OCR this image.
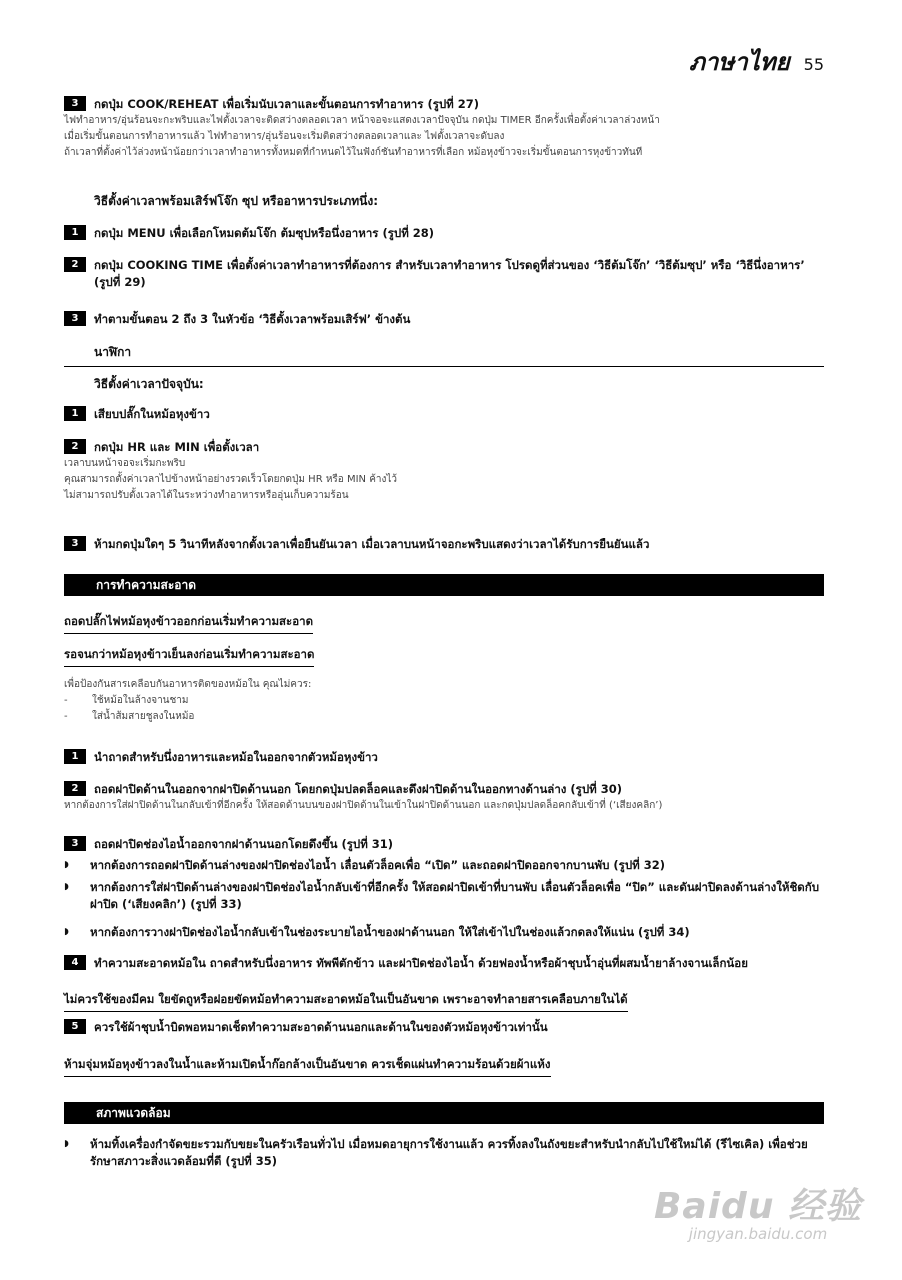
ภาษาไทย 55
3	กดปุ่ม COOK/REHEAT เพื่อเริ่มนับเวลาและขั้นตอนการทำอาหาร (รูปที่ 27)
ไฟทำอาหาร/อุ่นร้อนจะกะพริบและไฟตั้งเวลาจะติดสว่างตลอดเวลา หน้าจอจะแสดงเวลาปัจจุบัน กดปุ่ม TIMER อีกครั้งเพื่อตั้งค่าเวลาล่วงหน้า
เมื่อเริ่มขั้นตอนการทำอาหารแล้ว ไฟทำอาหาร/อุ่นร้อนจะเริ่มติดสว่างตลอดเวลาและ ไฟตั้งเวลาจะดับลง
ถ้าเวลาที่ตั้งค่าไว้ล่วงหน้าน้อยกว่าเวลาทำอาหารทั้งหมดที่กำหนดไว้ในฟังก์ชันทำอาหารที่เลือก หม้อหุงข้าวจะเริ่มขั้นตอนการหุงข้าวทันที
วิธีตั้งค่าเวลาพร้อมเสิร์ฟโจ๊ก ซุป หรืออาหารประเภทนึ่ง:
1	กดปุ่ม MENU เพื่อเลือกโหมดต้มโจ๊ก ต้มซุปหรือนึ่งอาหาร (รูปที่ 28)
2	กดปุ่ม COOKING TIME เพื่อตั้งค่าเวลาทำอาหารที่ต้องการ สำหรับเวลาทำอาหาร โปรดดูที่ส่วนของ ‘วิธีต้มโจ๊ก’ ‘วิธีต้มซุป’ หรือ ‘วิธีนึ่งอาหาร’ (รูปที่ 29)
3	ทำตามขั้นตอน 2 ถึง 3 ในหัวข้อ ‘วิธีตั้งเวลาพร้อมเสิร์ฟ’ ข้างต้น
นาฬิกา
วิธีตั้งค่าเวลาปัจจุบัน:
1	เสียบปลั๊กในหม้อหุงข้าว
2	กดปุ่ม HR และ MIN เพื่อตั้งเวลา
เวลาบนหน้าจอจะเริ่มกะพริบ
คุณสามารถตั้งค่าเวลาไปข้างหน้าอย่างรวดเร็วโดยกดปุ่ม HR หรือ MIN ค้างไว้
ไม่สามารถปรับตั้งเวลาได้ในระหว่างทำอาหารหรืออุ่นเก็บความร้อน
3	ห้ามกดปุ่มใดๆ 5 วินาทีหลังจากตั้งเวลาเพื่อยืนยันเวลา เมื่อเวลาบนหน้าจอกะพริบแสดงว่าเวลาได้รับการยืนยันแล้ว
การทำความสะอาด
ถอดปลั๊กไฟหม้อหุงข้าวออกก่อนเริ่มทำความสะอาด
รอจนกว่าหม้อหุงข้าวเย็นลงก่อนเริ่มทำความสะอาด
เพื่อป้องกันสารเคลือบกันอาหารติดของหม้อใน คุณไม่ควร:
-	ใช้หม้อในล้างจานชาม
-	ใส่น้ำส้มสายชูลงในหม้อ
1	นำถาดสำหรับนึ่งอาหารและหม้อในออกจากตัวหม้อหุงข้าว
2	ถอดฝาปิดด้านในออกจากฝาปิดด้านนอก โดยกดปุ่มปลดล็อคและดึงฝาปิดด้านในออกทางด้านล่าง (รูปที่ 30)
หากต้องการใส่ฝาปิดด้านในกลับเข้าที่อีกครั้ง ให้สอดด้านบนของฝาปิดด้านในเข้าในฝาปิดด้านนอก และกดปุ่มปลดล็อคกลับเข้าที่ (‘เสียงคลิก’)
3	ถอดฝาปิดช่องไอน้ำออกจากฝาด้านนอกโดยดึงขึ้น (รูปที่ 31)
◗	หากต้องการถอดฝาปิดด้านล่างของฝาปิดช่องไอน้ำ เลื่อนตัวล็อคเพื่อ “เปิด” และถอดฝาปิดออกจากบานพับ (รูปที่ 32)
◗	หากต้องการใส่ฝาปิดด้านล่างของฝาปิดช่องไอน้ำกลับเข้าที่อีกครั้ง ให้สอดฝาปิดเข้าที่บานพับ เลื่อนตัวล็อคเพื่อ “ปิด” และดันฝาปิดลงด้านล่างให้ชิดกับฝาปิด (‘เสียงคลิก’) (รูปที่ 33)
◗	หากต้องการวางฝาปิดช่องไอน้ำกลับเข้าในช่องระบายไอน้ำของฝาด้านนอก ให้ใส่เข้าไปในช่องแล้วกดลงให้แน่น (รูปที่ 34)
4	ทำความสะอาดหม้อใน ถาดสำหรับนึ่งอาหาร ทัพพีตักข้าว และฝาปิดช่องไอน้ำ ด้วยฟองน้ำหรือผ้าชุบน้ำอุ่นที่ผสมน้ำยาล้างจานเล็กน้อย
ไม่ควรใช้ของมีคม ใยขัดถูหรือฝอยขัดหม้อทำความสะอาดหม้อในเป็นอันขาด เพราะอาจทำลายสารเคลือบภายในได้
5	ควรใช้ผ้าชุบน้ำบิดพอหมาดเช็ดทำความสะอาดด้านนอกและด้านในของตัวหม้อหุงข้าวเท่านั้น
ห้ามจุ่มหม้อหุงข้าวลงในน้ำและห้ามเปิดน้ำก๊อกล้างเป็นอันขาด ควรเช็ดแผ่นทำความร้อนด้วยผ้าแห้ง
สภาพแวดล้อม
◗	ห้ามทิ้งเครื่องกำจัดขยะรวมกับขยะในครัวเรือนทั่วไป เมื่อหมดอายุการใช้งานแล้ว ควรทิ้งลงในถังขยะสำหรับนำกลับไปใช้ใหม่ได้ (รีไซเคิล) เพื่อช่วยรักษาสภาวะสิ่งแวดล้อมที่ดี (รูปที่ 35)
Baidu 经验
jingyan.baidu.com
